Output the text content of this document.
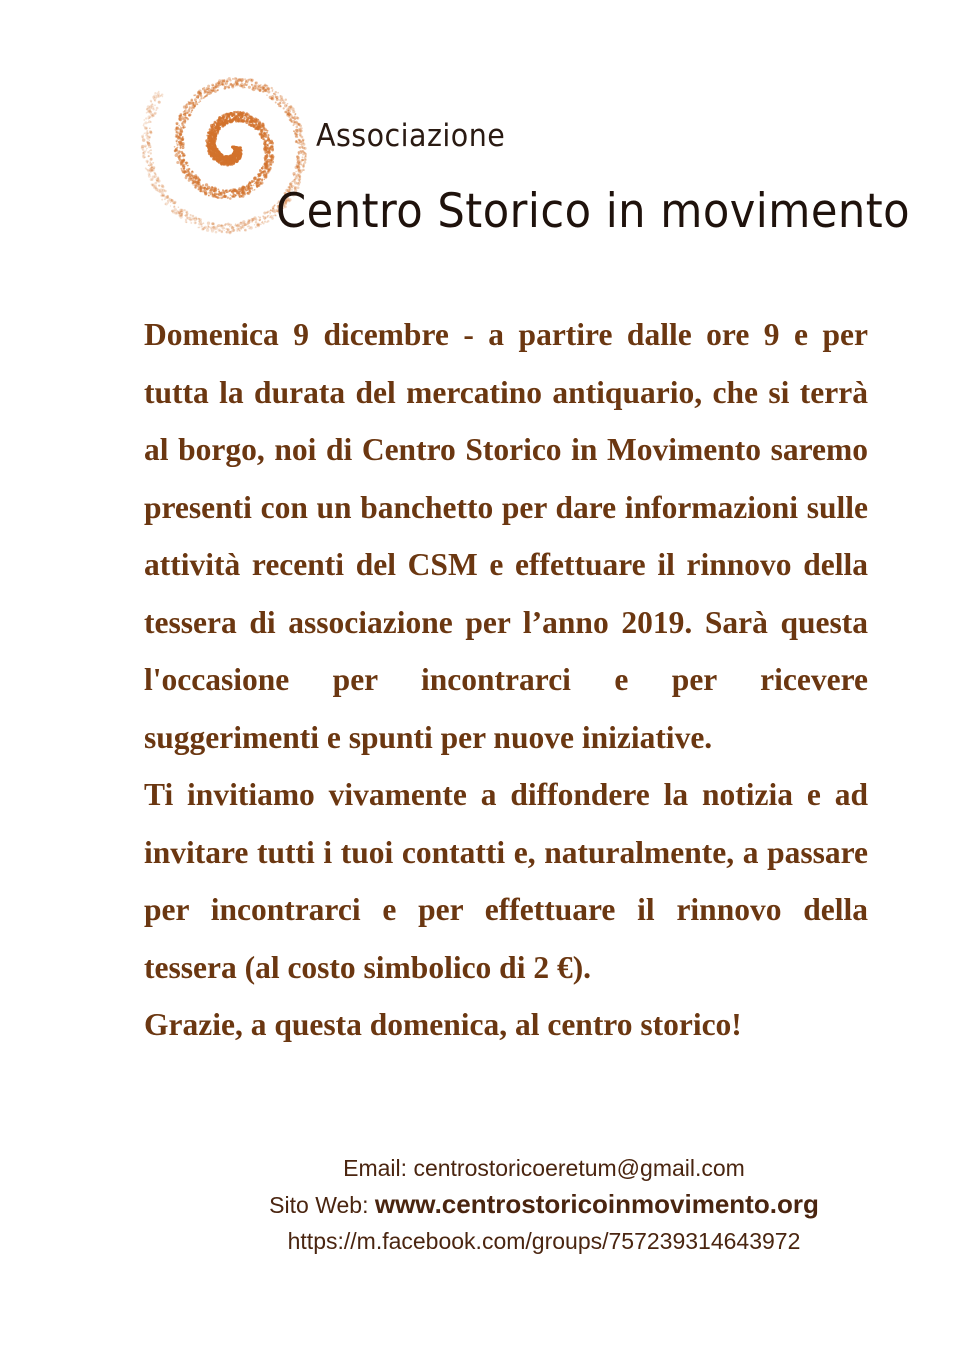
Associazione
Centro Storico in movimento

Domenica 9 dicembre - a partire dalle ore 9 e per tutta la durata del mercatino antiquario, che si terrà al borgo, noi di Centro Storico in Movimento saremo presenti con un banchetto per dare informazioni sulle attività recenti del CSM e effettuare il rinnovo della tessera di associazione per l’anno 2019. Sarà questa l'occasione per incontrarci e per ricevere suggerimenti e spunti per nuove iniziative.

Ti invitiamo vivamente a diffondere la notizia e ad invitare tutti i tuoi contatti e, naturalmente, a passare per incontrarci e per effettuare il rinnovo della tessera (al costo simbolico di 2 €).

Grazie, a questa domenica, al centro storico!

Email: centrostoricoeretum@gmail.com
Sito Web: www.centrostoricoinmovimento.org
https://m.facebook.com/groups/757239314643972
